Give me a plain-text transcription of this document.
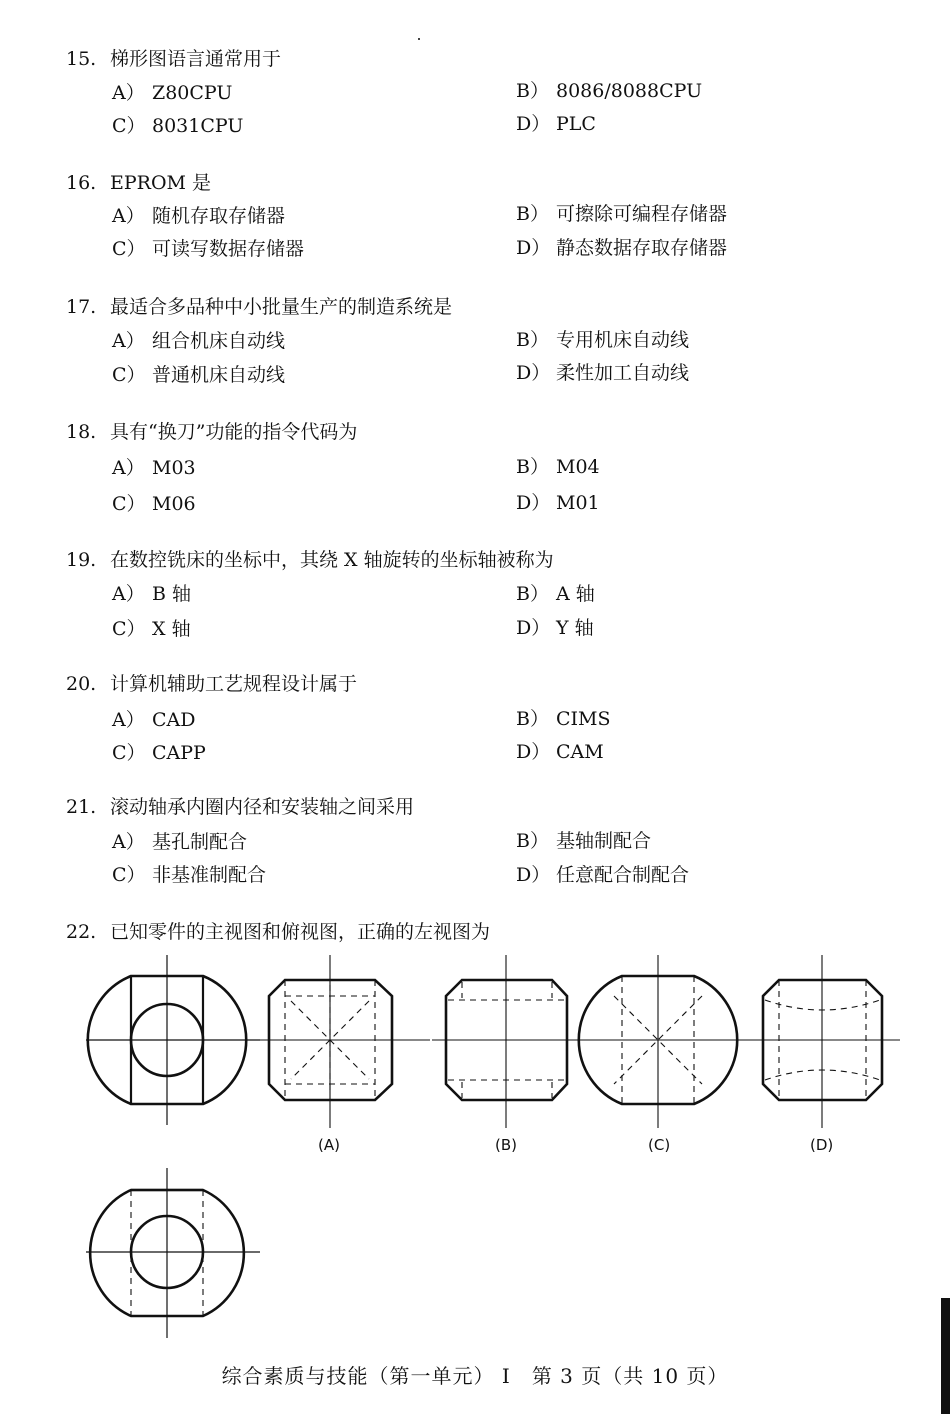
15. 梯形图语言通常用于
A） Z80CPU	B） 8086/8088CPU
C） 8031CPU	D） PLC
16. EPROM 是
A） 随机存取存储器	B） 可擦除可编程存储器
C） 可读写数据存储器	D） 静态数据存取存储器
17. 最适合多品种中小批量生产的制造系统是
A） 组合机床自动线	B） 专用机床自动线
C） 普通机床自动线	D） 柔性加工自动线
18. 具有“换刀”功能的指令代码为
A） M03	B） M04
C） M06	D） M01
19. 在数控铣床的坐标中，其绕 X 轴旋转的坐标轴被称为
A） B 轴	B） A 轴
C） X 轴	D） Y 轴
20. 计算机辅助工艺规程设计属于
A） CAD	B） CIMS
C） CAPP	D） CAM
21. 滚动轴承内圈内径和安装轴之间采用
A） 基孔制配合	B） 基轴制配合
C） 非基准制配合	D） 任意配合制配合
22. 已知零件的主视图和俯视图，正确的左视图为
(A)	(B)	(C)	(D)
综合素质与技能（第一单元） Ⅰ　第 3 页（共 10 页）
